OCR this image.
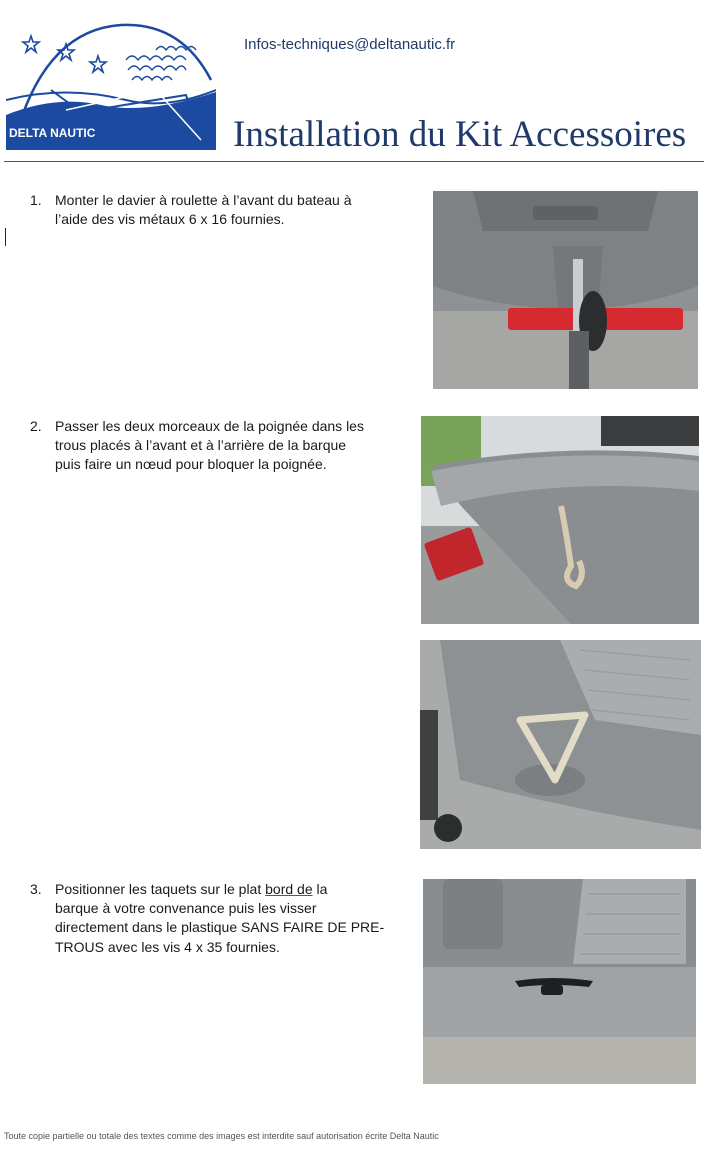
DELTA NAUTIC
Infos-techniques@deltanautic.fr
Installation du Kit Accessoires
1. Monter le davier à roulette à l’avant du bateau à
l’aide des vis métaux 6 x 16 fournies.
2. Passer les deux morceaux de la poignée dans les
trous placés à l’avant et à l’arrière de la barque
puis faire un nœud pour bloquer la poignée.
3. Positionner les taquets sur le plat bord de la
barque à votre convenance puis les visser
directement dans le plastique SANS FAIRE DE PRE-
TROUS avec les vis 4 x 35 fournies.
Toute copie partielle ou totale des textes comme des images est interdite sauf autorisation écrite Delta Nautic
